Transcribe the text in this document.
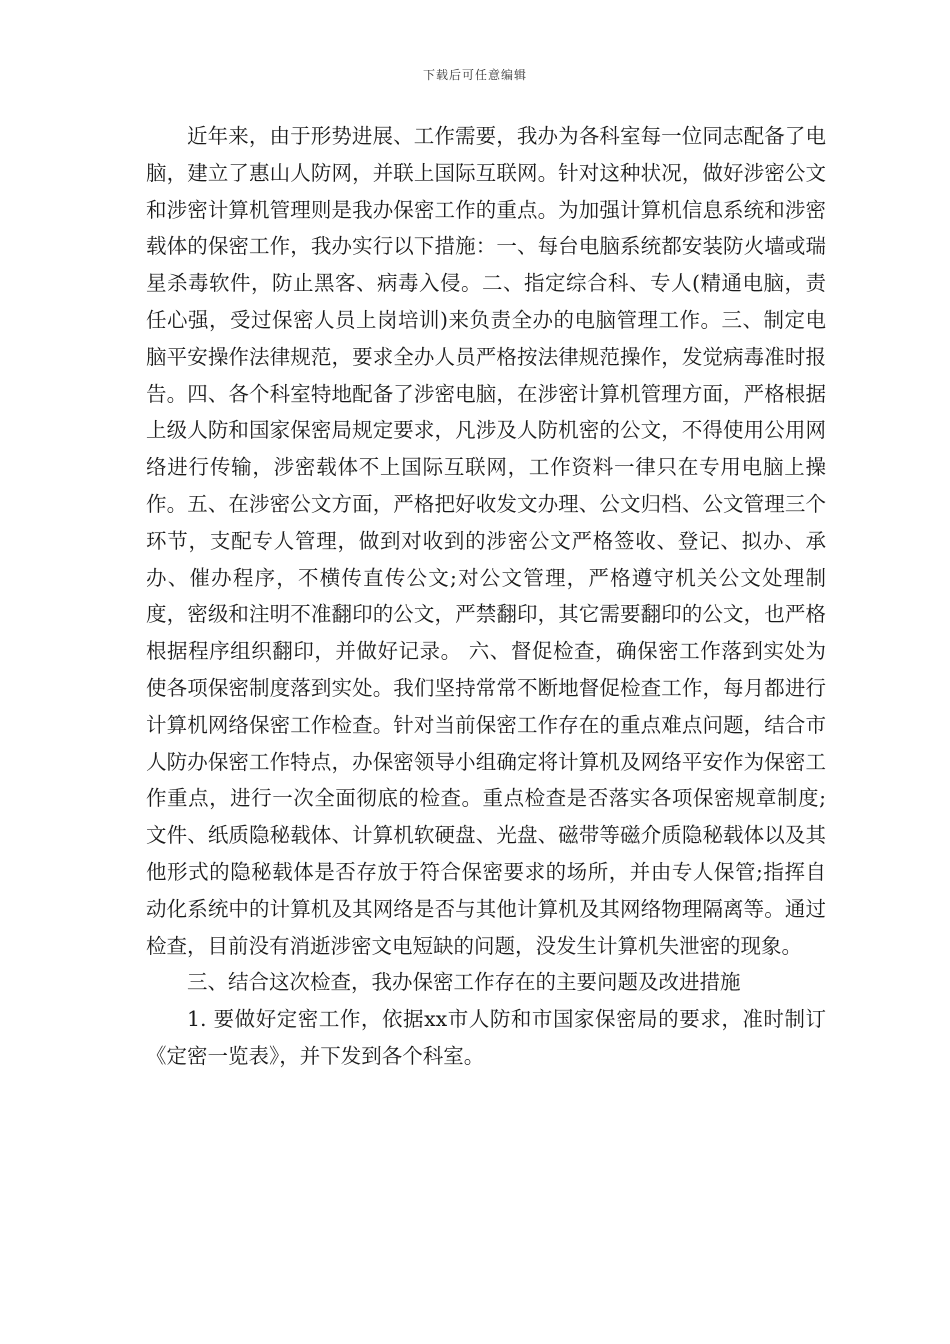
下载后可任意编辑

近年来，由于形势进展、工作需要，我办为各科室每一位同志配备了电脑，建立了惠山人防网，并联上国际互联网。针对这种状况，做好涉密公文和涉密计算机管理则是我办保密工作的重点。为加强计算机信息系统和涉密载体的保密工作，我办实行以下措施：一、每台电脑系统都安装防火墙或瑞星杀毒软件，防止黑客、病毒入侵。二、指定综合科、专人(精通电脑，责任心强，受过保密人员上岗培训)来负责全办的电脑管理工作。三、制定电脑平安操作法律规范，要求全办人员严格按法律规范操作，发觉病毒准时报告。四、各个科室特地配备了涉密电脑，在涉密计算机管理方面，严格根据上级人防和国家保密局规定要求，凡涉及人防机密的公文，不得使用公用网络进行传输，涉密载体不上国际互联网，工作资料一律只在专用电脑上操作。五、在涉密公文方面，严格把好收发文办理、公文归档、公文管理三个环节，支配专人管理，做到对收到的涉密公文严格签收、登记、拟办、承办、催办程序，不横传直传公文;对公文管理，严格遵守机关公文处理制度，密级和注明不准翻印的公文，严禁翻印，其它需要翻印的公文，也严格根据程序组织翻印，并做好记录。 六、督促检查，确保密工作落到实处为使各项保密制度落到实处。我们坚持常常不断地督促检查工作，每月都进行计算机网络保密工作检查。针对当前保密工作存在的重点难点问题，结合市人防办保密工作特点，办保密领导小组确定将计算机及网络平安作为保密工作重点，进行一次全面彻底的检查。重点检查是否落实各项保密规章制度;文件、纸质隐秘载体、计算机软硬盘、光盘、磁带等磁介质隐秘载体以及其他形式的隐秘载体是否存放于符合保密要求的场所，并由专人保管;指挥自动化系统中的计算机及其网络是否与其他计算机及其网络物理隔离等。通过检查，目前没有消逝涉密文电短缺的问题，没发生计算机失泄密的现象。

三、结合这次检查，我办保密工作存在的主要问题及改进措施

1. 要做好定密工作，依据xx市人防和市国家保密局的要求，准时制订《定密一览表》，并下发到各个科室。
